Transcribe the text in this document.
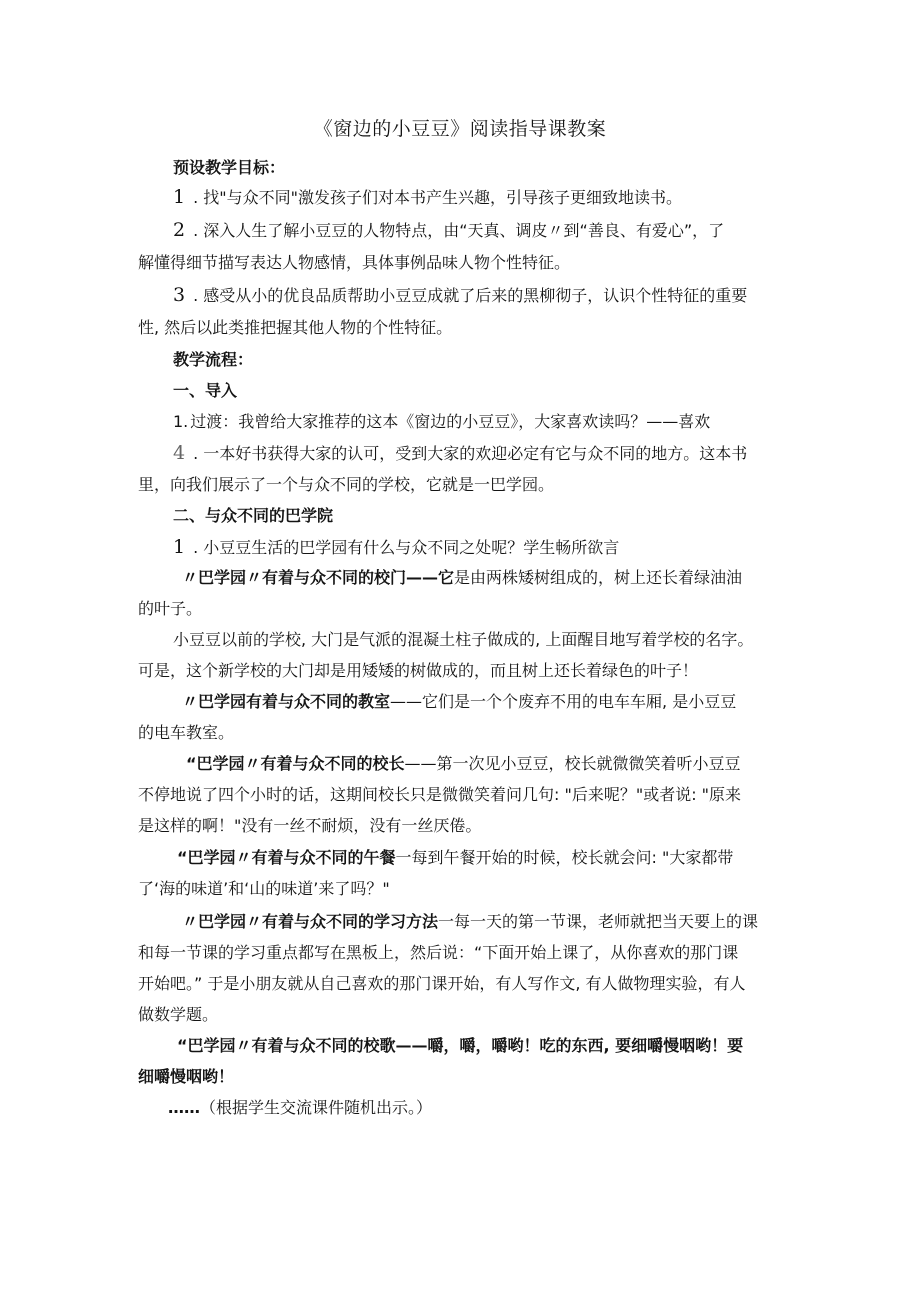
《窗边的小豆豆》阅读指导课教案
预设教学目标：
1 . 找"与众不同"激发孩子们对本书产生兴趣，引导孩子更细致地读书。
2 . 深入人生了解小豆豆的人物特点，由“天真、调皮〃到“善良、有爱心”，了
解懂得细节描写表达人物感情，具体事例品味人物个性特征。
3 . 感受从小的优良品质帮助小豆豆成就了后来的黑柳彻子，认识个性特征的重要
性, 然后以此类推把握其他人物的个性特征。
教学流程：
一、导入
1. 过渡：我曾给大家推荐的这本《窗边的小豆豆》，大家喜欢读吗？——喜欢
4 . 一本好书获得大家的认可，受到大家的欢迎必定有它与众不同的地方。这本书
里，向我们展示了一个与众不同的学校，它就是一巴学园。
二、与众不同的巴学院
1 . 小豆豆生活的巴学园有什么与众不同之处呢？学生畅所欲言
〃巴学园〃有着与众不同的校门——它是由两株矮树组成的，树上还长着绿油油
的叶子。
小豆豆以前的学校, 大门是气派的混凝土柱子做成的, 上面醒目地写着学校的名字。
可是，这个新学校的大门却是用矮矮的树做成的，而且树上还长着绿色的叶子！
〃巴学园有着与众不同的教室——它们是一个个废弃不用的电车车厢, 是小豆豆
的电车教室。
“巴学园〃有着与众不同的校长——第一次见小豆豆，校长就微微笑着听小豆豆
不停地说了四个小时的话，这期间校长只是微微笑着问几句: "后来呢？"或者说: "原来
是这样的啊！"没有一丝不耐烦，没有一丝厌倦。
“巴学园〃有着与众不同的午餐一每到午餐开始的时候，校长就会问: "大家都带
了‘海的味道’和‘山的味道’来了吗？"
〃巴学园〃有着与众不同的学习方法一每一天的第一节课，老师就把当天要上的课
和每一节课的学习重点都写在黑板上，然后说：“下面开始上课了，从你喜欢的那门课
开始吧。” 于是小朋友就从自己喜欢的那门课开始，有人写作文, 有人做物理实验，有人
做数学题。
“巴学园〃有着与众不同的校歌——嚼，嚼，嚼哟！吃的东西, 要细嚼慢咽哟！要
细嚼慢咽哟！
……（根据学生交流课件随机出示。）
